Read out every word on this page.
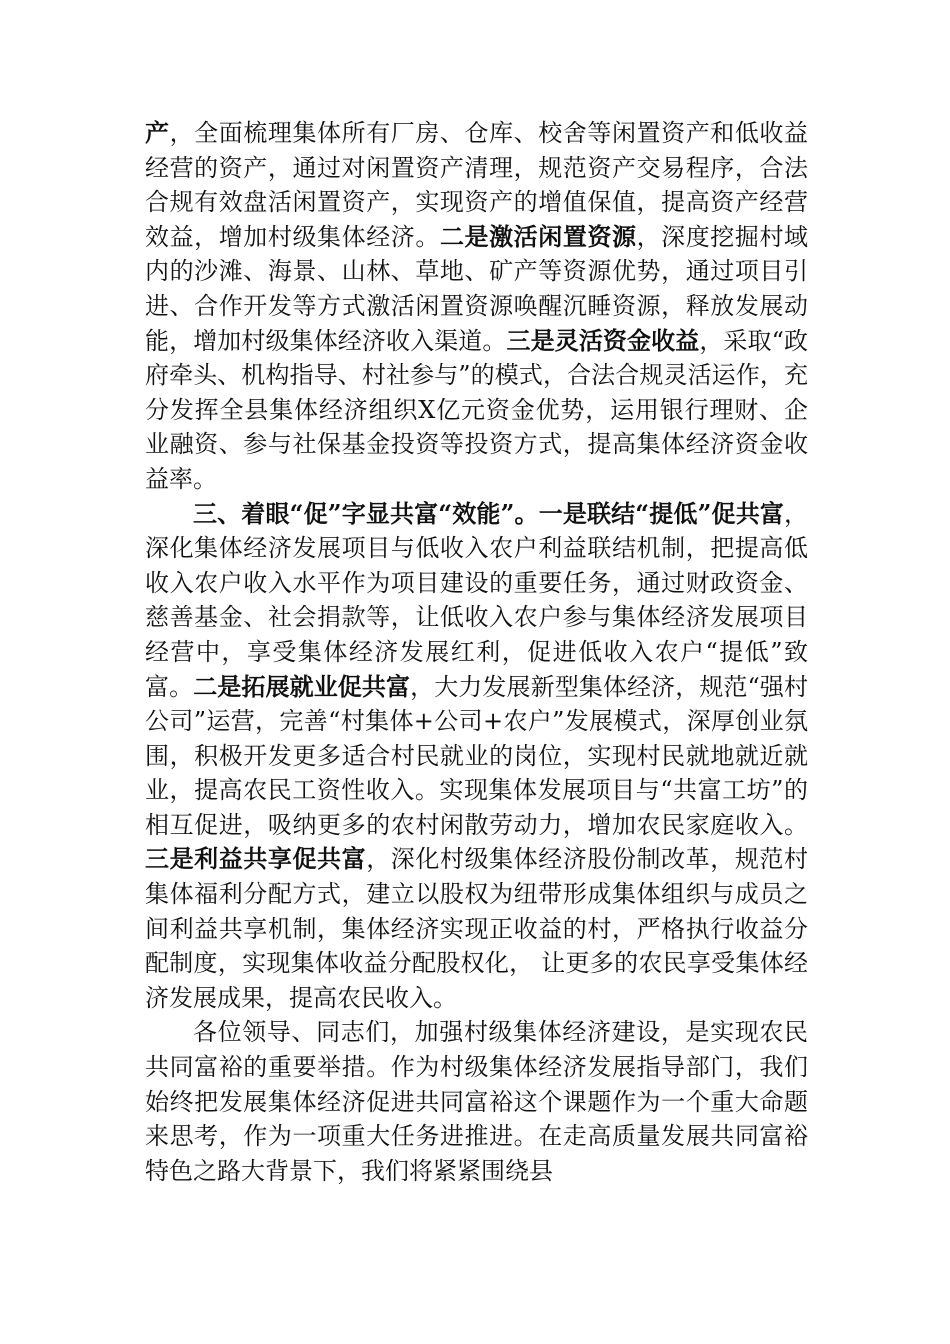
产，全面梳理集体所有厂房、仓库、校舍等闲置资产和低收益经营的资产，通过对闲置资产清理，规范资产交易程序，合法合规有效盘活闲置资产，实现资产的增值保值，提高资产经营效益，增加村级集体经济。二是激活闲置资源，深度挖掘村域内的沙滩、海景、山林、草地、矿产等资源优势，通过项目引进、合作开发等方式激活闲置资源唤醒沉睡资源，释放发展动能，增加村级集体经济收入渠道。三是灵活资金收益，采取“政府牵头、机构指导、村社参与”的模式，合法合规灵活运作，充分发挥全县集体经济组织X亿元资金优势，运用银行理财、企业融资、参与社保基金投资等投资方式，提高集体经济资金收益率。

三、着眼“促”字显共富“效能”。一是联结“提低”促共富，深化集体经济发展项目与低收入农户利益联结机制，把提高低收入农户收入水平作为项目建设的重要任务，通过财政资金、慈善基金、社会捐款等，让低收入农户参与集体经济发展项目经营中，享受集体经济发展红利，促进低收入农户“提低”致富。二是拓展就业促共富，大力发展新型集体经济，规范“强村公司”运营，完善“村集体+公司+农户”发展模式，深厚创业氛围，积极开发更多适合村民就业的岗位，实现村民就地就近就业，提高农民工资性收入。实现集体发展项目与“共富工坊”的相互促进，吸纳更多的农村闲散劳动力，增加农民家庭收入。三是利益共享促共富，深化村级集体经济股份制改革，规范村集体福利分配方式，建立以股权为纽带形成集体组织与成员之间利益共享机制，集体经济实现正收益的村，严格执行收益分配制度，实现集体收益分配股权化， 让更多的农民享受集体经济发展成果，提高农民收入。

各位领导、同志们，加强村级集体经济建设，是实现农民共同富裕的重要举措。作为村级集体经济发展指导部门，我们始终把发展集体经济促进共同富裕这个课题作为一个重大命题来思考，作为一项重大任务进推进。在走高质量发展共同富裕特色之路大背景下，我们将紧紧围绕县
